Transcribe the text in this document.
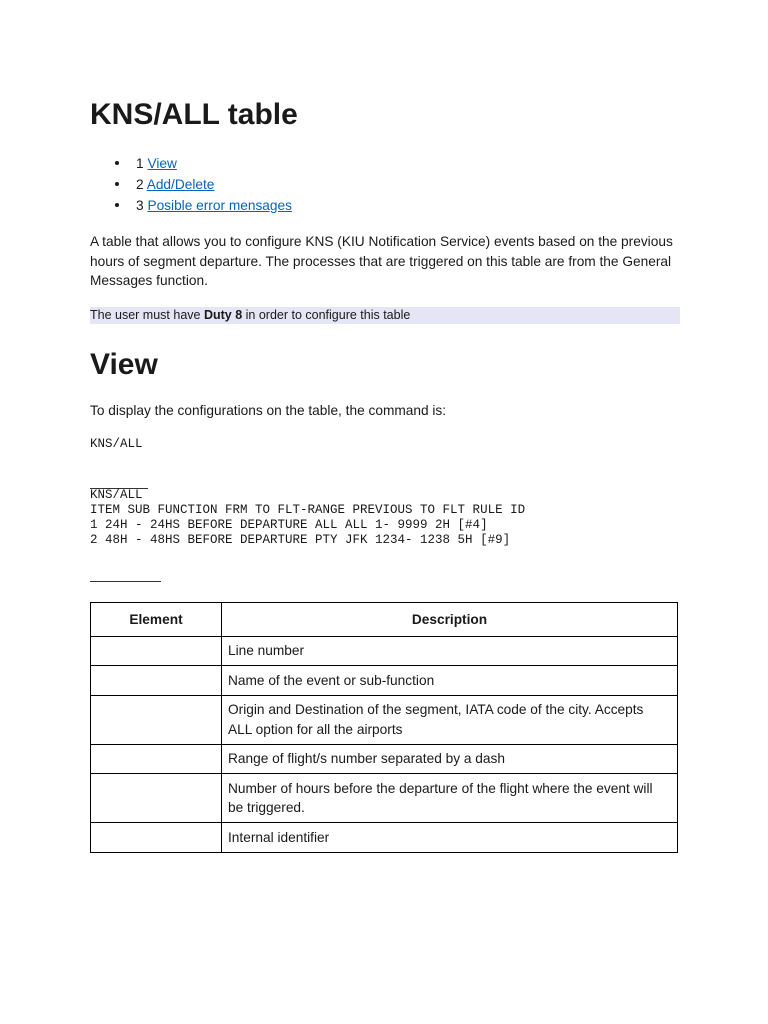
KNS/ALL table
1 View
2 Add/Delete
3 Posible error mensages

A table that allows you to configure KNS (KIU Notification Service) events based on the previous hours of segment departure. The processes that are triggered on this table are from the General Messages function.

The user must have Duty 8 in order to configure this table

View

To display the configurations on the table, the command is:

KNS/ALL
KNS/ALL
ITEM SUB FUNCTION FRM TO FLT-RANGE PREVIOUS TO FLT RULE ID
1 24H - 24HS BEFORE DEPARTURE ALL ALL 1- 9999 2H [#4]
2 48H - 48HS BEFORE DEPARTURE PTY JFK 1234- 1238 5H [#9]
Element	Description
	Line number
	Name of the event or sub-function
	Origin and Destination of the segment, IATA code of the city. Accepts ALL option for all the airports
	Range of flight/s number separated by a dash
	Number of hours before the departure of the flight where the event will be triggered.
	Internal identifier
